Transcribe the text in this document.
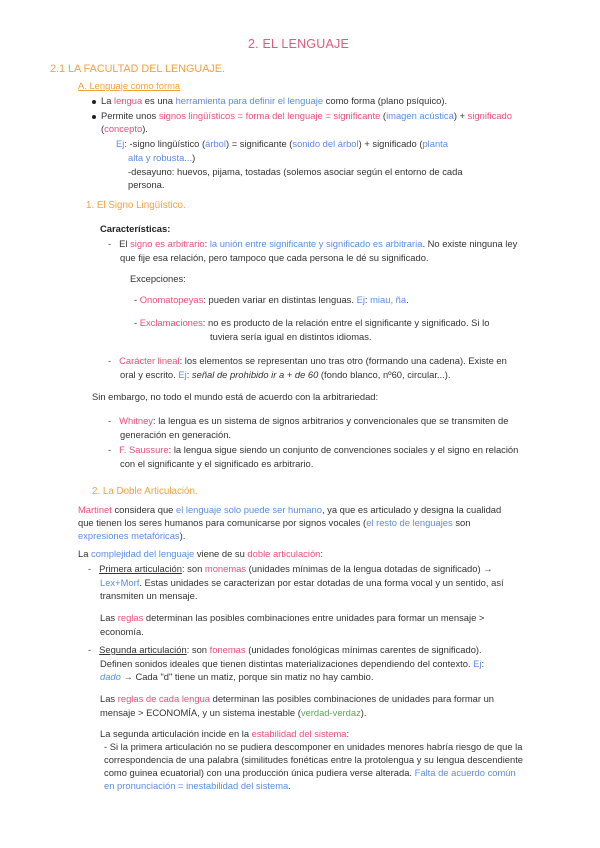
2. EL LENGUAJE
2.1 LA FACULTAD DEL LENGUAJE.
A. Lenguaje como forma
La lengua es una herramienta para definir el lenguaje como forma (plano psíquico).
Permite unos signos lingüísticos = forma del lenguaje = significante (imagen acústica) + significado
(concepto).
Ej: -signo lingüístico (árbol) = significante (sonido del árbol) + significado (planta
alta y robusta...)
-desayuno: huevos, pijama, tostadas (solemos asociar según el entorno de cada
persona.
1. El Signo Lingüístico.
Características:
- El signo es arbitrario: la unión entre significante y significado es arbitraria. No existe ninguna ley
que fije esa relación, pero tampoco que cada persona le dé su significado.
Excepciones:
- Onomatopeyas: pueden variar en distintas lenguas. Ej: miau, ña.
- Exclamaciones: no es producto de la relación entre el significante y significado. Si lo
tuviera sería igual en distintos idiomas.
- Carácter lineal: los elementos se representan uno tras otro (formando una cadena). Existe en
oral y escrito. Ej: señal de prohibido ir a + de 60 (fondo blanco, nº60, circular...).
Sin embargo, no todo el mundo está de acuerdo con la arbitrariedad:
- Whitney: la lengua es un sistema de signos arbitrarios y convencionales que se transmiten de
generación en generación.
- F. Saussure: la lengua sigue siendo un conjunto de convenciones sociales y el signo en relación
con el significante y el significado es arbitrario.
2. La Doble Articulación.
Martinet considera que el lenguaje solo puede ser humano, ya que es articulado y designa la cualidad
que tienen los seres humanos para comunicarse por signos vocales (el resto de lenguajes son
expresiones metafóricas).
La complejidad del lenguaje viene de su doble articulación:
- Primera articulación: son monemas (unidades mínimas de la lengua dotadas de significado) →
Lex+Morf. Estas unidades se caracterizan por estar dotadas de una forma vocal y un sentido, así
transmiten un mensaje.
Las reglas determinan las posibles combinaciones entre unidades para formar un mensaje >
economía.
- Segunda articulación: son fonemas (unidades fonológicas mínimas carentes de significado).
Definen sonidos ideales que tienen distintas materializaciones dependiendo del contexto. Ej:
dado → Cada "d" tiene un matiz, porque sin matiz no hay cambio.
Las reglas de cada lengua determinan las posibles combinaciones de unidades para formar un
mensaje > ECONOMÍA, y un sistema inestable (verdad-verdaz).
La segunda articulación incide en la estabilidad del sistema:
- Si la primera articulación no se pudiera descomponer en unidades menores habría riesgo de que la
correspondencia de una palabra (similitudes fonéticas entre la protolengua y su lengua descendiente
como guinea ecuatorial) con una producción única pudiera verse alterada. Falta de acuerdo común
en pronunciación = inestabilidad del sistema.
